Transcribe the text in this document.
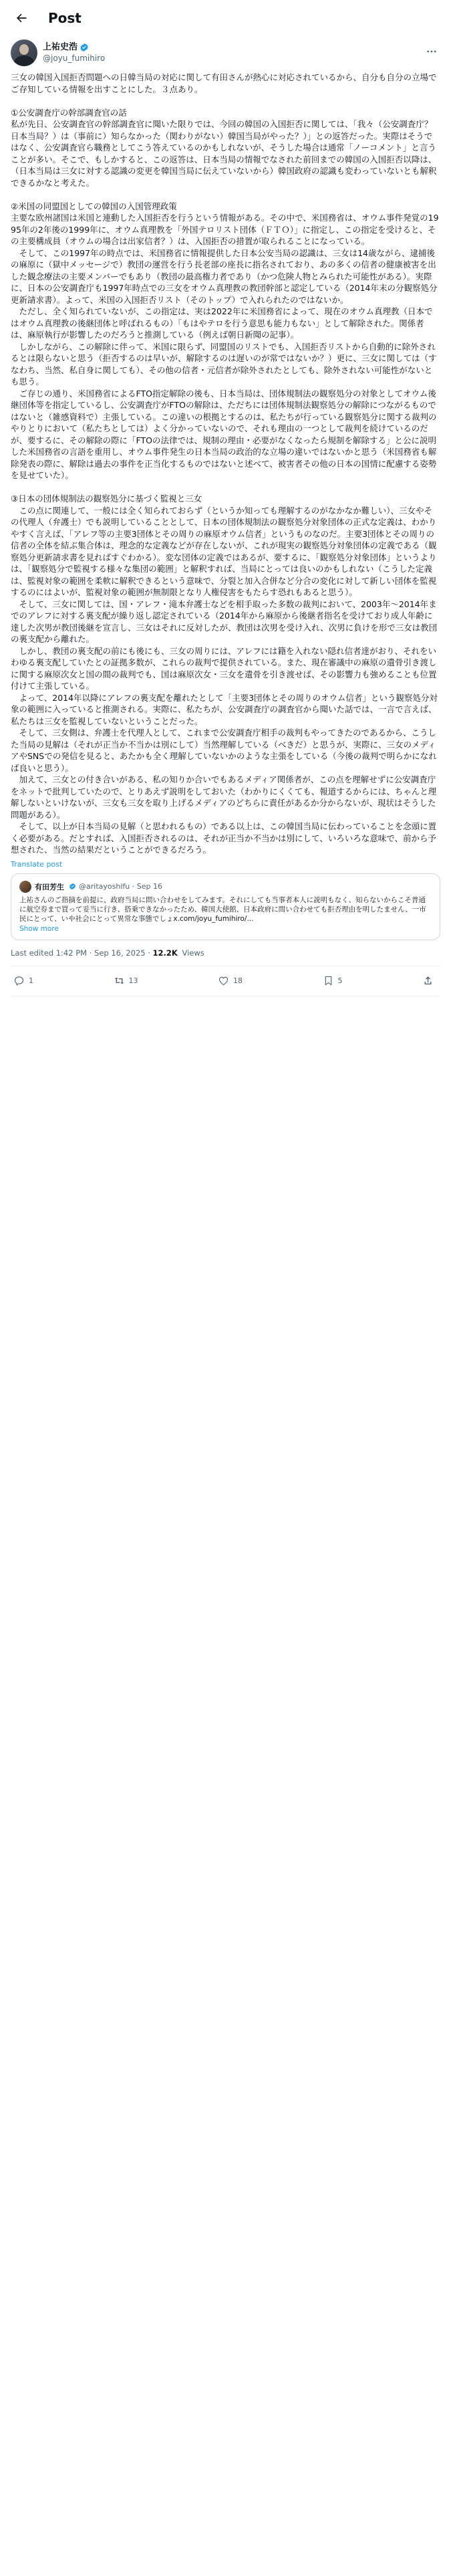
Post
上祐史浩
@joyu_fumihiro
三女の韓国入国拒否問題への日韓当局の対応に関して有田さんが熱心に対応されているから、自分も自分の立場でご存知している情報を出すことにした。３点あり。

①公安調査庁の幹部調査官の話
私が先日、公安調査官の幹部調査官に聞いた限りでは、今回の韓国の入国拒否に関しては、「我々（公安調査庁？日本当局？）は（事前に）知らなかった（関わりがない）韓国当局がやった？）」との返答だった。実際はそうではなく、公安調査官ら職務としてこう答えているのかもしれないが、そうした場合は通常「ノーコメント」と言うことが多い。そこで、もしかすると、この返答は、日本当局の情報でなされた前回までの韓国の入国拒否以降は、（日本当局は三女に対する認識の変更を韓国当局に伝えていないから）韓国政府の認識も変わっていないとも解釈できるかなと考えた。

②米国の同盟国としての韓国の入国管理政策
主要な欧州諸国は米国と連動した入国拒否を行うという情報がある。その中で、米国務省は、オウム事件発覚の1995年の2年後の1999年に、オウム真理教を「外国テロリスト団体（ＦＴＯ）」に指定し、この指定を受けると、その主要構成員（オウムの場合は出家信者？）は、入国拒否の措置が取られることになっている。
　そして、この1997年の時点では、米国務省に情報提供した日本公安当局の認識は、三女は14歳ながら、逮捕後の麻原に（獄中メッセージで）教団の運営を行う長老部の座長に指名されており、あの多くの信者の健康被害を出した観念療法の主要メンバーでもあり（教団の最高権力者であり（かつ危険人物とみられた可能性がある）。実際に、日本の公安調査庁も1997年時点での三女をオウム真理教の教団幹部と認定している（2014年末の分観察処分更新請求書）。よって、米国の入国拒否リスト（そのトップ）で入れられたのではないか。
　ただし、全く知られていないが、この指定は、実は2022年に米国務省によって、現在のオウム真理教（日本ではオウム真理教の後継団体と呼ばれるもの）「もはやテロを行う意思も能力もない」として解除された。関係者は、麻原執行が影響したのだろうと推測している（例えば朝日新聞の記事）。
　しかしながら、この解除に伴って、米国に限らず、同盟国のリストでも、入国拒否リストから自動的に除外されるとは限らないと思う（拒否するのは早いが、解除するのは遅いのが常ではないか？）更に、三女に関しては（すなわち、当然、私自身に関しても）、その他の信者・元信者が除外されたとしても、除外されない可能性がないとも思う。
　ご存じの通り、米国務省によるFTO指定解除の後も、日本当局は、団体規制法の観察処分の対象としてオウム後継団体等を指定しているし、公安調査庁がFTOの解除は、ただちには団体規制法観察処分の解除につながるものではないと（雑感資料で）主張している。この違いの根拠とするのは、私たちが行っている観察処分に関する裁判のやりとりにおいて（私たちとしては）よく分かっていないので、それも理由の一つとして裁判を続けているのだが、要するに、その解除の際に「FTOの法律では、規制の理由・必要がなくなったら規制を解除する」と公に説明した米国務省の言語を重用し、オウム事件発生の日本当局の政治的な立場の違いではないかと思う（米国務省も解除発表の際に、解除は過去の事件を正当化するものではないと述べて、被害者その他の日本の国情に配慮する姿勢を見せていた）。

③日本の団体規制法の観察処分に基づく監視と三女
　この点に関連して、一般には全く知られておらず（というか知っても理解するのがなかなか難しい）、三女やその代理人（弁護士）でも説明していることとして、日本の団体規制法の観察処分対象団体の正式な定義は、わかりやすく言えば、「アレフ等の主要3団体とその周りの麻原オウム信者」というものなのだ。主要3団体とその周りの信者の全体を結ぶ集合体は、理念的な定義などが存在しないが、これが現実の観察処分対象団体の定義である（観察処分更新請求書を見ればすぐわかる）。変な団体の定義ではあるが、要するに、「観察処分対象団体」というよりは、「観察処分で監視する様々な集団の範囲」と解釈すれば、当局にとっては良いのかもしれない（こうした定義は、監視対象の範囲を柔軟に解釈できるという意味で、分裂と加入合併など分合の変化に対して新しい団体を監視するのにはよいが、監視対象の範囲が無制限となり人権侵害をもたらす恐れもあると思う）。
　そして、三女に関しては、国・アレフ・滝本弁護士などを相手取った多数の裁判において、2003年〜2014年までのアレフに対する裏支配が繰り返し認定されている（2014年から麻原から後継者指名を受けており成人年齢に達した次男が教団後継を宣言し、三女はそれに反対したが、教団は次男を受け入れ、次男に負けを形で三女は教団の裏支配から離れた。
　しかし、教団の裏支配の前にも後にも、三女の周りには、アレフには籍を入れない隠れ信者達がおり、それをいわゆる裏支配していたとの証拠多数が、これらの裁判で提供されている。また、現在審議中の麻原の遺骨引き渡しに関する麻原次女と国の間の裁判でも、国は麻原次女・三女を遺骨を引き渡せば、その影響力も強めることも位置付けて主張している。
　よって、2014年以降にアレフの裏支配を離れたとして「主要3団体とその周りのオウム信者」という観察処分対象の範囲に入っていると推測される。実際に、私たちが、公安調査庁の調査官から聞いた話では、一言で言えば、私たちは三女を監視していないということだった。
　そして、三女側は、弁護士を代理人として、これまで公安調査庁相手の裁判もやってきたのであるから、こうした当局の見解は（それが正当か不当かは別にして）当然理解している（べきだ）と思うが、実際に、三女のメディアやSNSでの発信を見ると、あたかも全く理解していないかのような主張をしている（今後の裁判で明らかになれば良いと思う）。
　加えて、三女との付き合いがある、私の知りか合いでもあるメディア関係者が、この点を理解せずに公安調査庁をネットで批判していたので、とりあえず説明をしておいた（わかりにくくても、報道するからには、ちゃんと理解しないといけないが、三女も三女を取り上げるメディアのどちらに責任があるか分からないが、現状はそうした問題がある）。
　そして、以上が日本当局の見解（と思われるもの）である以上は、この韓国当局に伝わっていることを念頭に置く必要がある。だとすれば、入国拒否されるのは、それが正当か不当かは別にして、いろいろな意味で、前から予想された、当然の結果だということができるだろう。
Translate post
有田芳生 @aritayoshifu · Sep 16
上祐さんのご指摘を前提に、政府当局に問い合わせをしてみます。それにしても当事者本人に説明もなく、知らないからこそ普通に航空券まで買って妥当に行き、搭乗できなかったため、韓国大使館、日本政府に問い合わせても拒否理由を明したません、一市民にとって、いや社会にとって異常な事態でしょx.com/joyu_fumihiro/...
Show more
Last edited 1:42 PM · Sep 16, 2025 · 12.2K Views
1	13	18	5
